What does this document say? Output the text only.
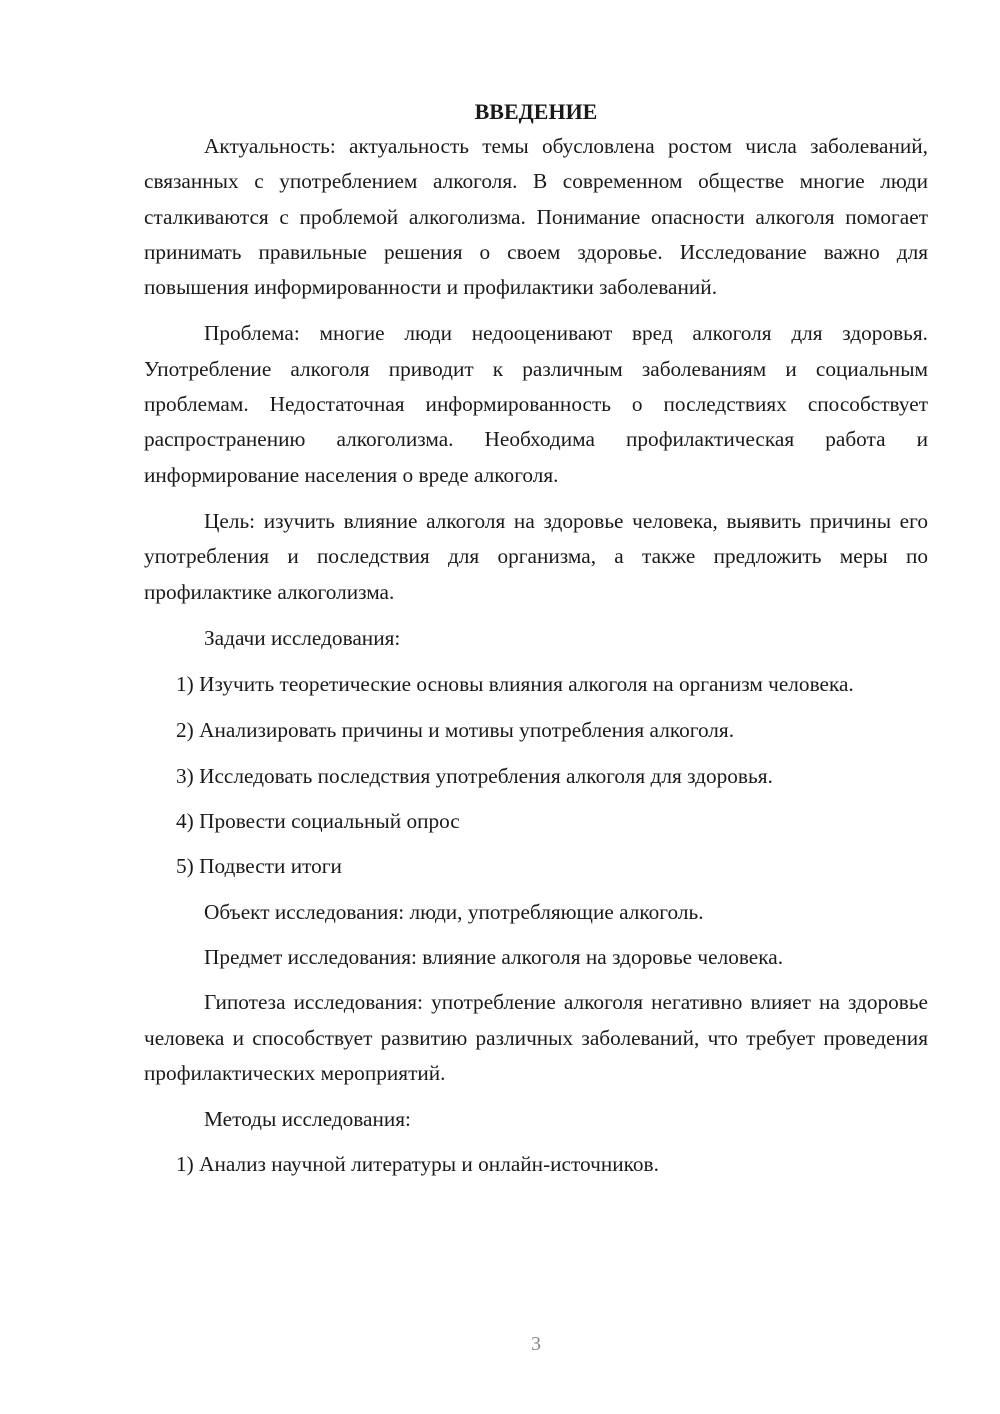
ВВЕДЕНИЕ

Актуальность: актуальность темы обусловлена ростом числа заболеваний, связанных с употреблением алкоголя. В современном обществе многие люди сталкиваются с проблемой алкоголизма. Понимание опасности алкоголя помогает принимать правильные решения о своем здоровье. Исследование важно для повышения информированности и профилактики заболеваний.

Проблема: многие люди недооценивают вред алкоголя для здоровья. Употребление алкоголя приводит к различным заболеваниям и социальным проблемам. Недостаточная информированность о последствиях способствует распространению алкоголизма. Необходима профилактическая работа и информирование населения о вреде алкоголя.

Цель: изучить влияние алкоголя на здоровье человека, выявить причины его употребления и последствия для организма, а также предложить меры по профилактике алкоголизма.

Задачи исследования:

1) Изучить теоретические основы влияния алкоголя на организм человека.

2) Анализировать причины и мотивы употребления алкоголя.

3) Исследовать последствия употребления алкоголя для здоровья.

4) Провести социальный опрос

5) Подвести итоги

Объект исследования: люди, употребляющие алкоголь.

Предмет исследования: влияние алкоголя на здоровье человека.

Гипотеза исследования: употребление алкоголя негативно влияет на здоровье человека и способствует развитию различных заболеваний, что требует проведения профилактических мероприятий.

Методы исследования:

1) Анализ научной литературы и онлайн-источников.

3
